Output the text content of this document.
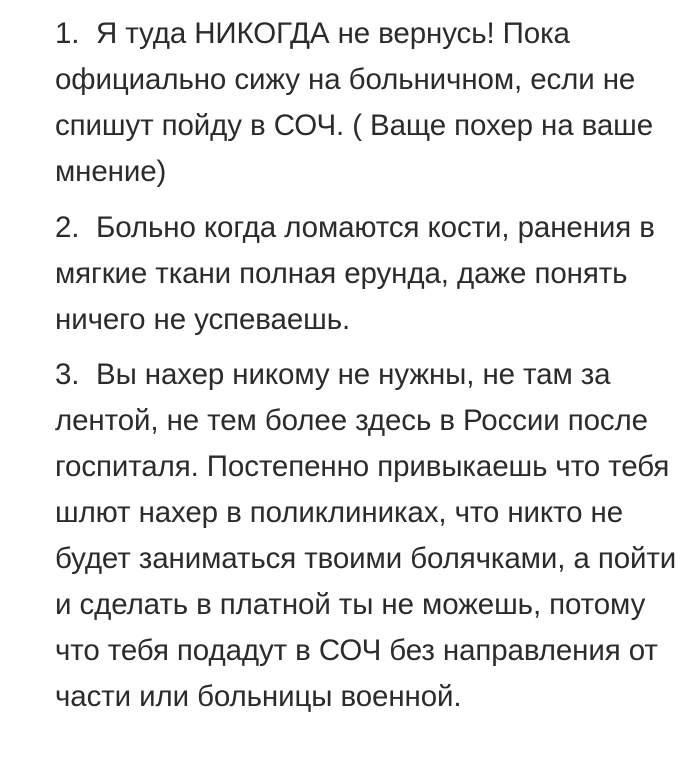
1. Я туда НИКОГДА не вернусь! Пока официально сижу на больничном, если не спишут пойду в СОЧ. ( Ваще похер на ваше мнение)
2. Больно когда ломаются кости, ранения в мягкие ткани полная ерунда, даже понять ничего не успеваешь.
3. Вы нахер никому не нужны, не там за лентой, не тем более здесь в России после госпиталя. Постепенно привыкаешь что тебя шлют нахер в поликлиниках, что никто не будет заниматься твоими болячками, а пойти и сделать в платной ты не можешь, потому что тебя подадут в СОЧ без направления от части или больницы военной.
